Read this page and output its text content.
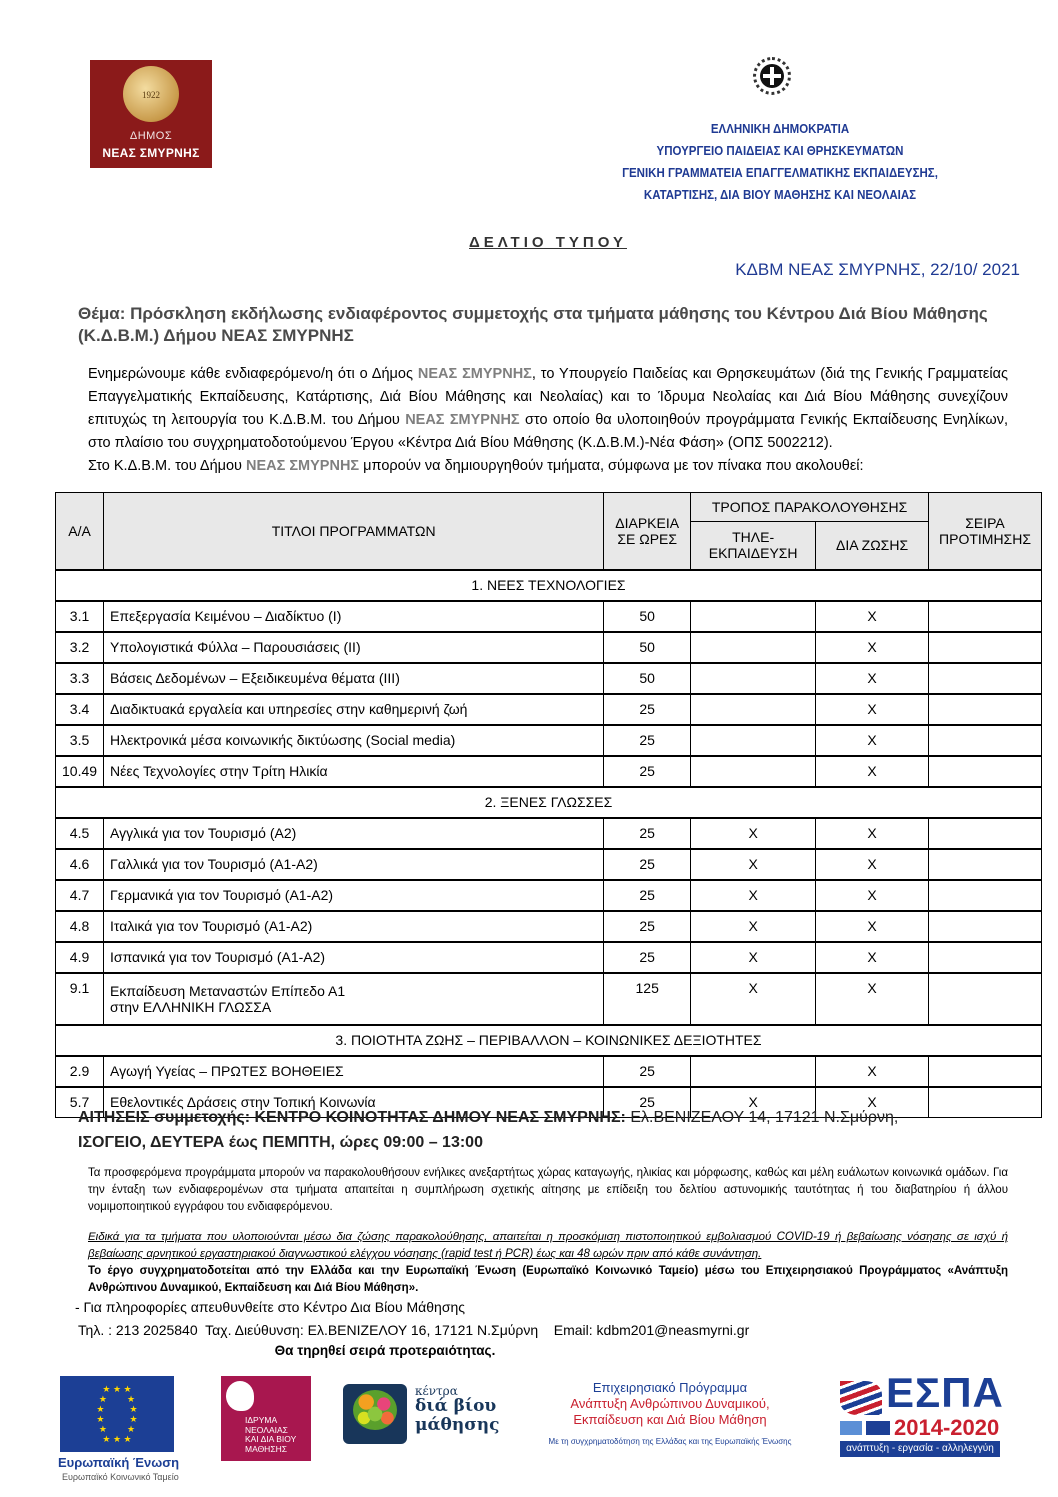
1922
ΔΗΜΟΣ
ΝΕΑΣ ΣΜΥΡΝΗΣ
ΕΛΛΗΝΙΚΗ ΔΗΜΟΚΡΑΤΙΑ
ΥΠΟΥΡΓΕΙΟ ΠΑΙΔΕΙΑΣ ΚΑΙ ΘΡΗΣΚΕΥΜΑΤΩΝ
ΓΕΝΙΚΗ ΓΡΑΜΜΑΤΕΙΑ ΕΠΑΓΓΕΛΜΑΤΙΚΗΣ ΕΚΠΑΙΔΕΥΣΗΣ,
ΚΑΤΑΡΤΙΣΗΣ, ΔΙΑ ΒΙΟΥ ΜΑΘΗΣΗΣ ΚΑΙ ΝΕΟΛΑΙΑΣ
ΔΕΛΤΙΟ ΤΥΠΟΥ
ΚΔΒΜ ΝΕΑΣ ΣΜΥΡΝΗΣ, 22/10/ 2021
Θέμα: Πρόσκληση εκδήλωσης ενδιαφέροντος συμμετοχής στα τμήματα μάθησης του Κέντρου Διά Βίου Μάθησης (Κ.Δ.Β.Μ.) Δήμου ΝΕΑΣ ΣΜΥΡΝΗΣ

Ενημερώνουμε κάθε ενδιαφερόμενο/η ότι ο Δήμος ΝΕΑΣ ΣΜΥΡΝΗΣ, το Υπουργείο Παιδείας και Θρησκευμάτων (διά της Γενικής Γραμματείας Επαγγελματικής Εκπαίδευσης, Κατάρτισης, Διά Βίου Μάθησης και Νεολαίας) και το Ίδρυμα Νεολαίας και Διά Βίου Μάθησης συνεχίζουν επιτυχώς τη λειτουργία του Κ.Δ.Β.Μ. του Δήμου ΝΕΑΣ ΣΜΥΡΝΗΣ στο οποίο θα υλοποιηθούν προγράμματα Γενικής Εκπαίδευσης Ενηλίκων, στο πλαίσιο του συγχρηματοδοτούμενου Έργου «Κέντρα Διά Βίου Μάθησης (Κ.Δ.Β.Μ.)-Νέα Φάση» (ΟΠΣ 5002212).

Στο Κ.Δ.Β.Μ. του Δήμου ΝΕΑΣ ΣΜΥΡΝΗΣ μπορούν να δημιουργηθούν τμήματα, σύμφωνα με τον πίνακα που ακολουθεί:

Α/Α	ΤΙΤΛΟΙ ΠΡΟΓΡΑΜΜΑΤΩΝ	ΔΙΑΡΚΕΙΑ ΣΕ ΩΡΕΣ	ΤΡΟΠΟΣ ΠΑΡΑΚΟΛΟΥΘΗΣΗΣ		ΣΕΙΡΑ ΠΡΟΤΙΜΗΣΗΣ
			ΤΗΛΕ- ΕΚΠΑΙΔΕΥΣΗ	ΔΙΑ ΖΩΣΗΣ	
1. ΝΕΕΣ ΤΕΧΝΟΛΟΓΙΕΣ					
3.1	Επεξεργασία Κειμένου – Διαδίκτυο (Ι)	50		Χ	
3.2	Υπολογιστικά Φύλλα – Παρουσιάσεις (ΙΙ)	50		Χ	
3.3	Βάσεις Δεδομένων – Εξειδικευμένα θέματα (ΙΙΙ)	50		Χ	
3.4	Διαδικτυακά εργαλεία και υπηρεσίες στην καθημερινή ζωή	25		Χ	
3.5	Ηλεκτρονικά μέσα κοινωνικής δικτύωσης (Social media)	25		Χ	
10.49	Νέες Τεχνολογίες στην Τρίτη Ηλικία	25		Χ	
2. ΞΕΝΕΣ ΓΛΩΣΣΕΣ					
4.5	Αγγλικά για τον Τουρισμό (Α2)	25	Χ	Χ	
4.6	Γαλλικά για τον Τουρισμό (Α1-Α2)	25	Χ	Χ	
4.7	Γερμανικά για τον Τουρισμό (Α1-Α2)	25	Χ	Χ	
4.8	Ιταλικά για τον Τουρισμό (Α1-Α2)	25	Χ	Χ	
4.9	Ισπανικά για τον Τουρισμό (Α1-Α2)	25	Χ	Χ	
9.1	Εκπαίδευση Μεταναστών Επίπεδο Α1
στην ΕΛΛΗΝΙΚΗ ΓΛΩΣΣΑ	125	Χ	Χ	
3. ΠΟΙΟΤΗΤΑ ΖΩΗΣ – ΠΕΡΙΒΑΛΛΟΝ – ΚΟΙΝΩΝΙΚΕΣ ΔΕΞΙΟΤΗΤΕΣ					
2.9	Αγωγή Υγείας – ΠΡΩΤΕΣ ΒΟΗΘΕΙΕΣ	25		Χ	
5.7	Εθελοντικές Δράσεις στην Τοπική Κοινωνία	25	Χ	Χ	
ΑΙΤΗΣΕΙΣ συμμετοχής: ΚΕΝΤΡΟ ΚΟΙΝΟΤΗΤΑΣ ΔΗΜΟΥ ΝΕΑΣ ΣΜΥΡΝΗΣ: Ελ.ΒΕΝΙΖΕΛΟΥ 14, 17121 Ν.Σμύρνη,
ΙΣΟΓΕΙΟ, ΔΕΥΤΕΡΑ έως ΠΕΜΠΤΗ, ώρες 09:00 – 13:00
Τα προσφερόμενα προγράμματα μπορούν να παρακολουθήσουν ενήλικες ανεξαρτήτως χώρας καταγωγής, ηλικίας και μόρφωσης, καθώς και μέλη ευάλωτων κοινωνικά ομάδων. Για την ένταξη των ενδιαφερομένων στα τμήματα απαιτείται η συμπλήρωση σχετικής αίτησης με επίδειξη του δελτίου αστυνομικής ταυτότητας ή του διαβατηρίου ή άλλου νομιμοποιητικού εγγράφου του ενδιαφερόμενου.
Ειδικά για τα τμήματα που υλοποιούνται μέσω δια ζώσης παρακολούθησης, απαιτείται η προσκόμιση πιστοποιητικού εμβολιασμού COVID-19 ή βεβαίωσης νόσησης σε ισχύ ή βεβαίωσης αρνητικού εργαστηριακού διαγνωστικού ελέγχου νόσησης (rapid test ή PCR) έως και 48 ωρών πριν από κάθε συνάντηση.
Το έργο συγχρηματοδοτείται από την Ελλάδα και την Ευρωπαϊκή Ένωση (Ευρωπαϊκό Κοινωνικό Ταμείο) μέσω του Επιχειρησιακού Προγράμματος «Ανάπτυξη Ανθρώπινου Δυναμικού, Εκπαίδευση και Διά Βίου Μάθηση».
- Για πληροφορίες απευθυνθείτε στο Κέντρο Δια Βίου Μάθησης
Τηλ. : 213 2025840  Ταχ. Διεύθυνση: Ελ.ΒΕΝΙΖΕΛΟΥ 16, 17121 Ν.Σμύρνη    Email: kdbm201@neasmyrni.gr
Θα τηρηθεί σειρά προτεραιότητας.
★ ★ ★
★        ★
★          ★
★          ★
★        ★
★ ★ ★
Ευρωπαϊκή Ένωση
Ευρωπαϊκό Κοινωνικό Ταμείο
ΙΔΡΥΜΑ
ΝΕΟΛΑΙΑΣ
ΚΑΙ ΔΙΑ ΒΙΟΥ
ΜΑΘΗΣΗΣ
κέντρα
διά βίου
μάθησης
Επιχειρησιακό Πρόγραμμα
Ανάπτυξη Ανθρώπινου Δυναμικού,
Εκπαίδευση και Διά Βίου Μάθηση
Με τη συγχρηματοδότηση της Ελλάδας και της Ευρωπαϊκής Ένωσης
ΕΣΠΑ
2014-2020
ανάπτυξη - εργασία - αλληλεγγύη
